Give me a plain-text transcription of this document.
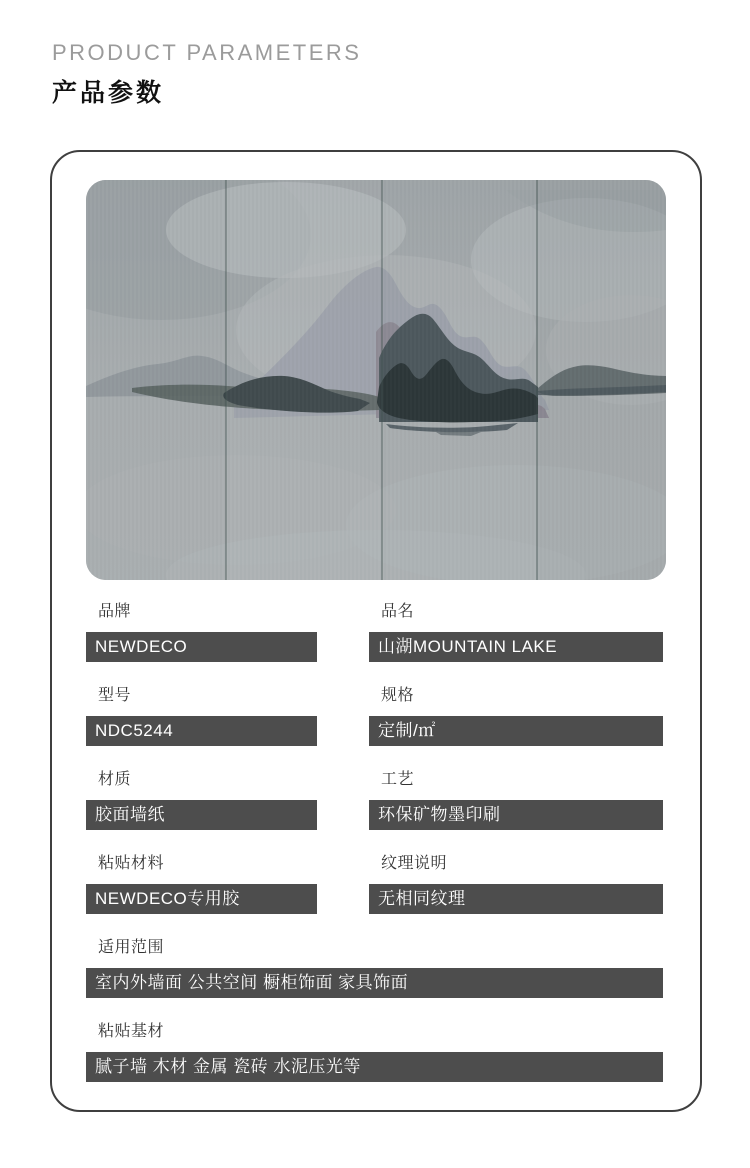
PRODUCT PARAMETERS
产品参数
品牌
NEWDECO
品名
山湖MOUNTAIN LAKE
型号
NDC5244
规格
定制/㎡
材质
胶面墙纸
工艺
环保矿物墨印刷
粘贴材料
NEWDECO专用胶
纹理说明
无相同纹理
适用范围
室内外墙面 公共空间 橱柜饰面 家具饰面
粘贴基材
腻子墙 木材 金属 瓷砖 水泥压光等
